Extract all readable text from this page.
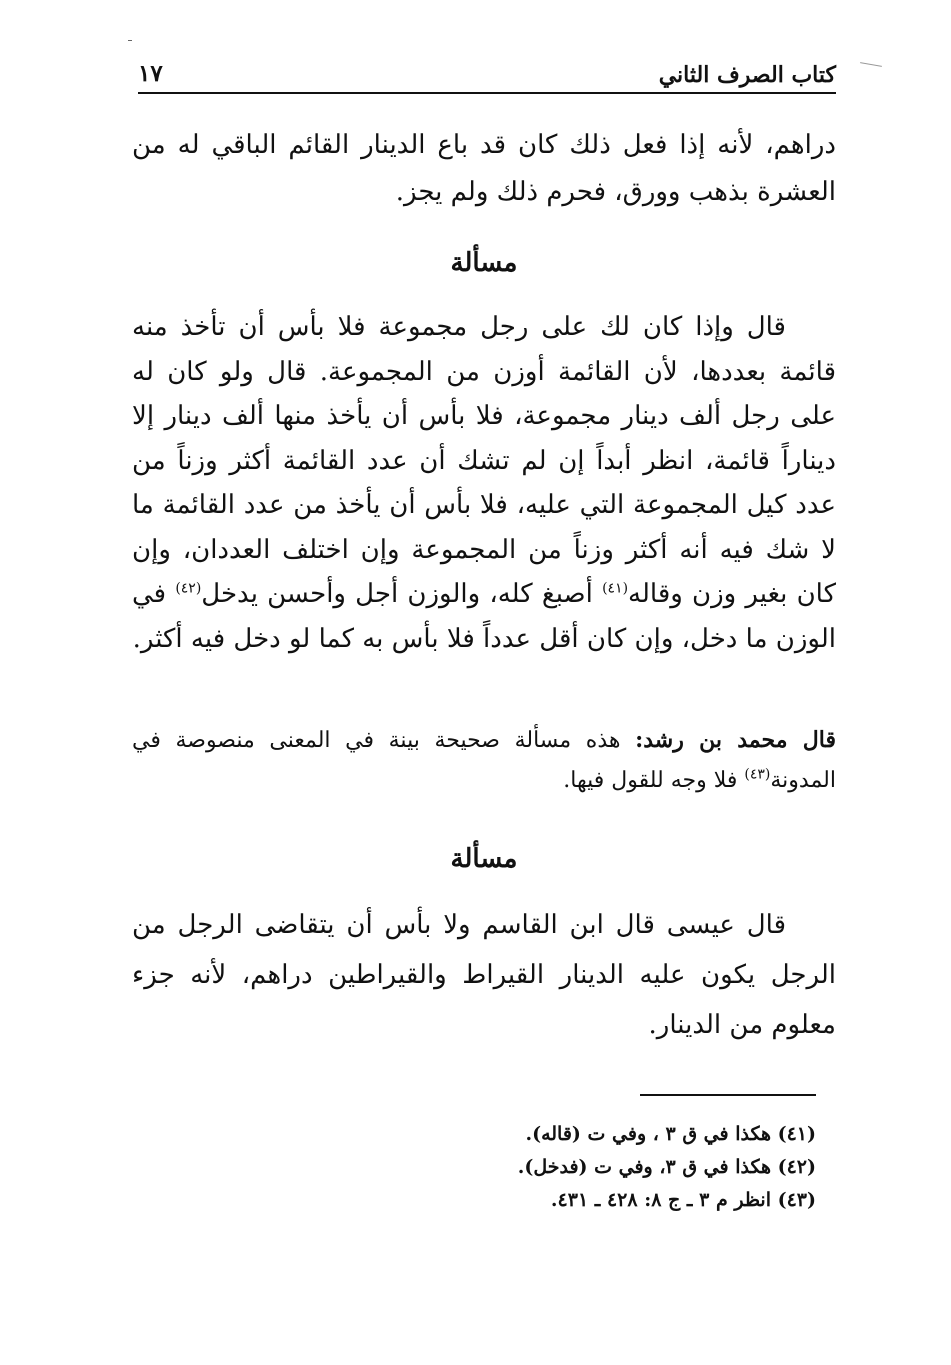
كتاب الصرف الثاني
١٧
دراهم، لأنه إذا فعل ذلك كان قد باع الدينار القائم الباقي له من العشرة بذهب وورق، فحرم ذلك ولم يجز.
مسألة
قال وإذا كان لك على رجل مجموعة فلا بأس أن تأخذ منه قائمة بعددها، لأن القائمة أوزن من المجموعة. قال ولو كان له على رجل ألف دينار مجموعة، فلا بأس أن يأخذ منها ألف دينار إلا ديناراً قائمة، انظر أبداً إن لم تشك أن عدد القائمة أكثر وزناً من عدد كيل المجموعة التي عليه، فلا بأس أن يأخذ من عدد القائمة ما لا شك فيه أنه أكثر وزناً من المجموعة وإن اختلف العددان، وإن كان بغير وزن وقاله$^{(٤١)}$ أصبغ كله، والوزن أجل وأحسن يدخل$^{(٤٢)}$ في الوزن ما دخل، وإن كان أقل عدداً فلا بأس به كما لو دخل فيه أكثر.
قال محمد بن رشد: هذه مسألة صحيحة بينة في المعنى منصوصة في المدونة$^{(٤٣)}$ فلا وجه للقول فيها.
مسألة
قال عيسى قال ابن القاسم ولا بأس أن يتقاضى الرجل من الرجل يكون عليه الدينار القيراط والقيراطين دراهم، لأنه جزء معلوم من الدينار.
(٤١) هكذا في ق ٣ ، وفي ت (قاله).
(٤٢) هكذا في ق ٣، وفي ت (فدخل).
(٤٣) انظر م ٣ ـ ج ٨: ٤٢٨ ـ ٤٣١.
